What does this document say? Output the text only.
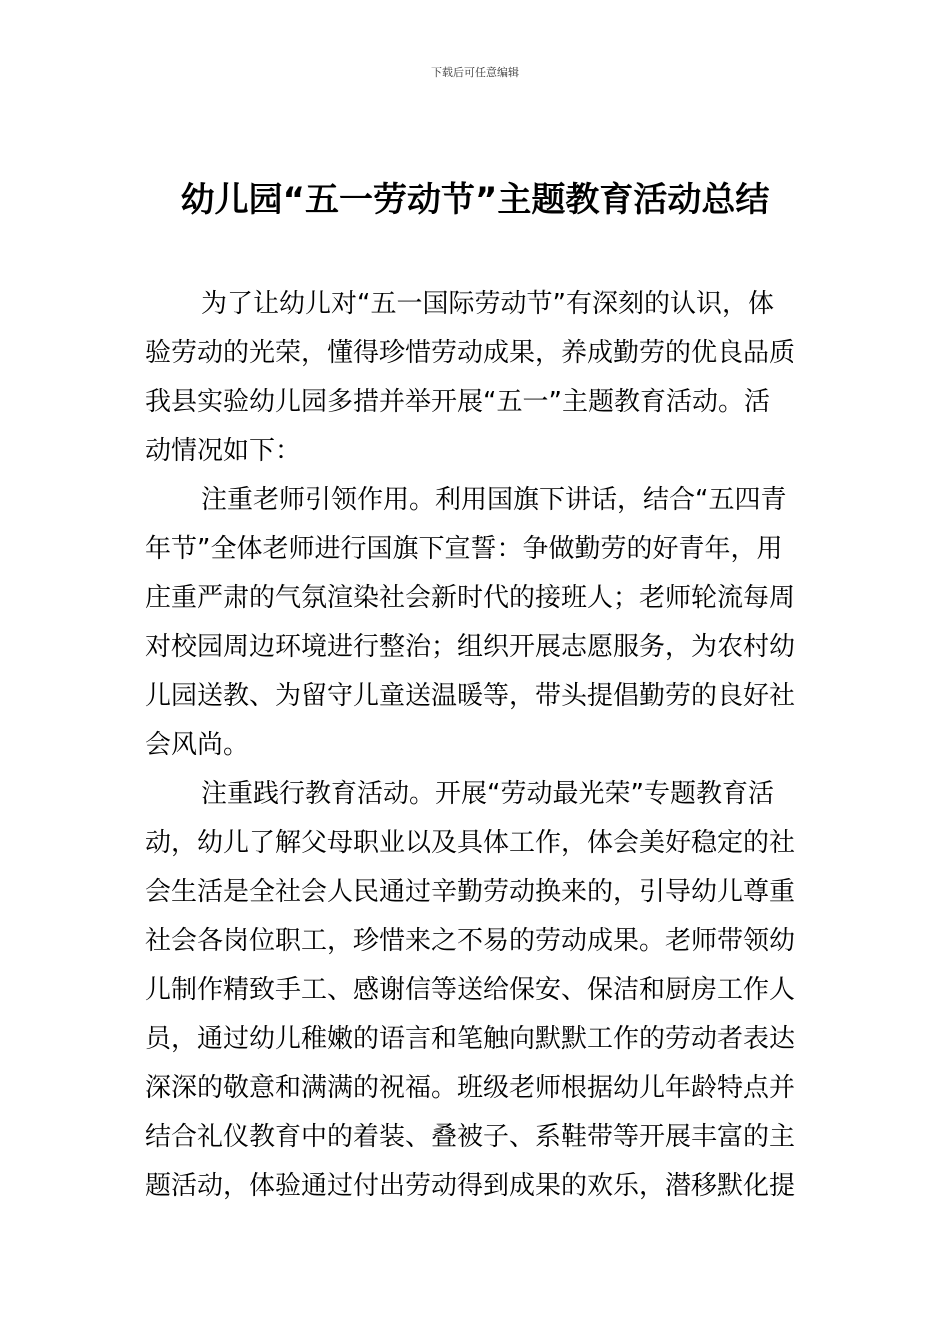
下载后可任意编辑
幼儿园“五一劳动节”主题教育活动总结
为了让幼儿对“五一国际劳动节”有深刻的认识，体
验劳动的光荣，懂得珍惜劳动成果，养成勤劳的优良品质
我县实验幼儿园多措并举开展“五一”主题教育活动。活
动情况如下：
注重老师引领作用。利用国旗下讲话，结合“五四青
年节”全体老师进行国旗下宣誓：争做勤劳的好青年，用
庄重严肃的气氛渲染社会新时代的接班人；老师轮流每周
对校园周边环境进行整治；组织开展志愿服务，为农村幼
儿园送教、为留守儿童送温暖等，带头提倡勤劳的良好社
会风尚。
注重践行教育活动。开展“劳动最光荣”专题教育活
动，幼儿了解父母职业以及具体工作，体会美好稳定的社
会生活是全社会人民通过辛勤劳动换来的，引导幼儿尊重
社会各岗位职工，珍惜来之不易的劳动成果。老师带领幼
儿制作精致手工、感谢信等送给保安、保洁和厨房工作人
员，通过幼儿稚嫩的语言和笔触向默默工作的劳动者表达
深深的敬意和满满的祝福。班级老师根据幼儿年龄特点并
结合礼仪教育中的着装、叠被子、系鞋带等开展丰富的主
题活动，体验通过付出劳动得到成果的欢乐，潜移默化提
